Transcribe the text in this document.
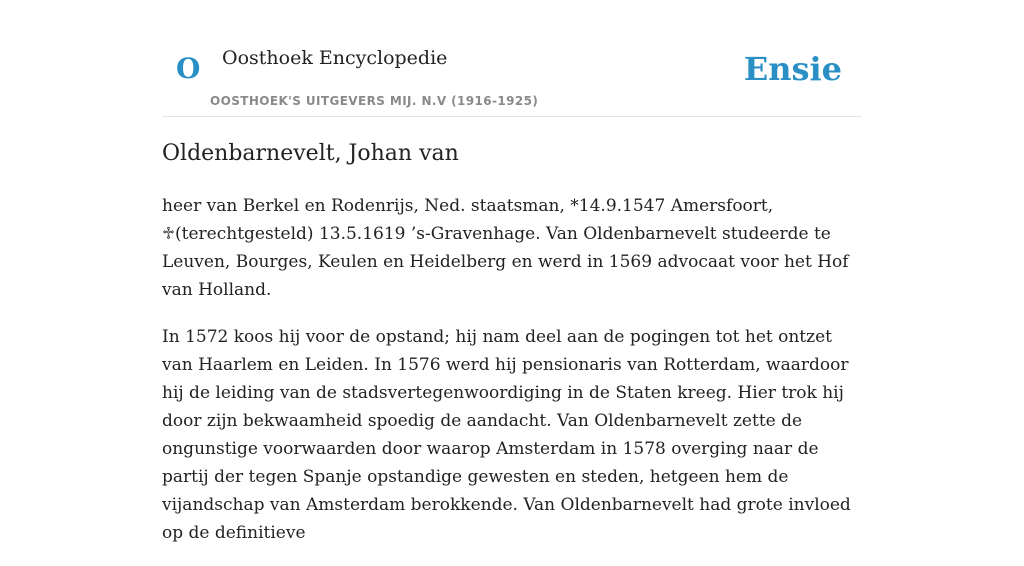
O Oosthoek Encyclopedie
OOSTHOEK'S UITGEVERS MIJ. N.V (1916-1925)
Ensie
Oldenbarnevelt, Johan van

heer van Berkel en Rodenrijs, Ned. staatsman, *14.9.1547 Amersfoort, ♱(terechtgesteld) 13.5.1619 ’s-Gravenhage. Van Oldenbarnevelt studeerde te Leuven, Bourges, Keulen en Heidelberg en werd in 1569 advocaat voor het Hof van Holland.

In 1572 koos hij voor de opstand; hij nam deel aan de pogingen tot het ontzet van Haarlem en Leiden. In 1576 werd hij pensionaris van Rotterdam, waardoor hij de leiding van de stadsvertegenwoordiging in de Staten kreeg. Hier trok hij door zijn bekwaamheid spoedig de aandacht. Van Oldenbarnevelt zette de ongunstige voorwaarden door waarop Amsterdam in 1578 overging naar de partij der tegen Spanje opstandige gewesten en steden, hetgeen hem de vijandschap van Amsterdam berokkende. Van Oldenbarnevelt had grote invloed op de definitieve
